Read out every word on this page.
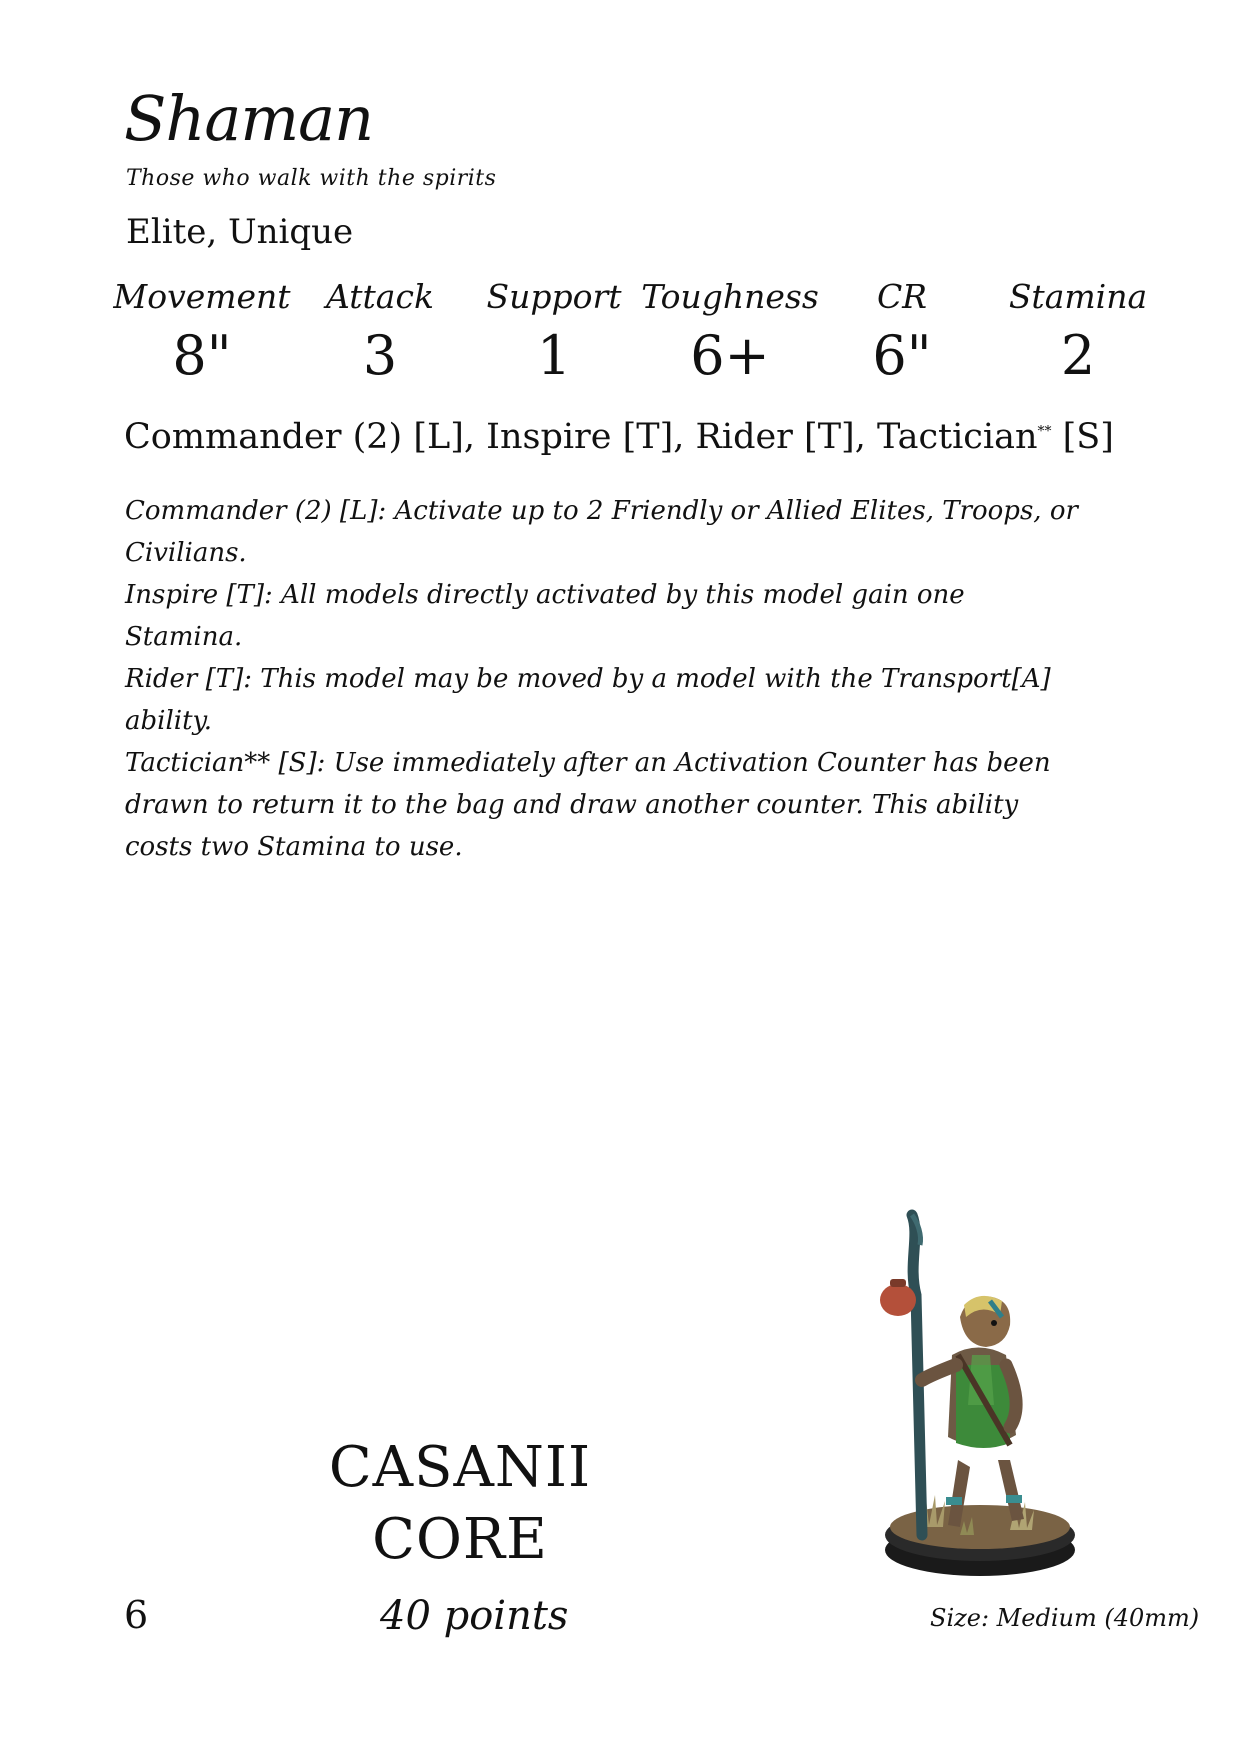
Shaman
Those who walk with the spirits
Elite, Unique
Movement
8"
Attack
3
Support
1
Toughness
6+
CR
6"
Stamina
2
Commander (2) [L], Inspire [T], Rider [T], Tactician** [S]

Commander (2) [L]: Activate up to 2 Friendly or Allied Elites, Troops, or Civilians.

Inspire [T]: All models directly activated by this model gain one Stamina.

Rider [T]: This model may be moved by a model with the Transport[A] ability.

Tactician** [S]: Use immediately after an Activation Counter has been drawn to return it to the bag and draw another counter. This ability costs two Stamina to use.

CASANII
CORE
6	40 points	Size: Medium (40mm)
